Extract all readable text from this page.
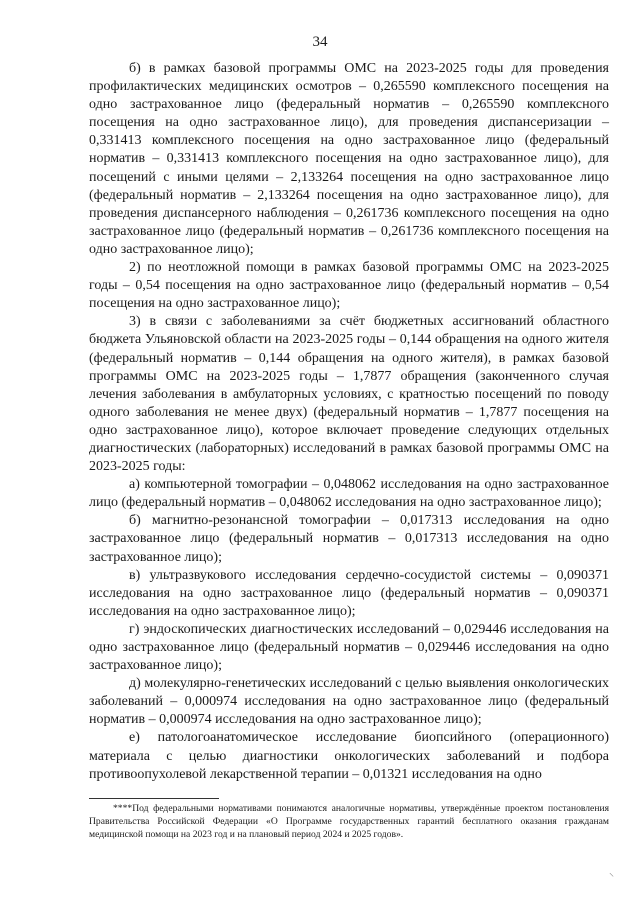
34

б) в рамках базовой программы ОМС на 2023-2025 годы для проведения профилактических медицинских осмотров – 0,265590 комплексного посещения на одно застрахованное лицо (федеральный норматив – 0,265590 комплексного посещения на одно застрахованное лицо), для проведения диспансеризации – 0,331413 комплексного посещения на одно застрахованное лицо (федеральный норматив – 0,331413 комплексного посещения на одно застрахованное лицо), для посещений с иными целями – 2,133264 посещения на одно застрахованное лицо (федеральный норматив – 2,133264 посещения на одно застрахованное лицо), для проведения диспансерного наблюдения – 0,261736 комплексного посещения на одно застрахованное лицо (федеральный норматив – 0,261736 комплексного посещения на одно застрахованное лицо);

2) по неотложной помощи в рамках базовой программы ОМС на 2023-2025 годы – 0,54 посещения на одно застрахованное лицо (федеральный норматив – 0,54 посещения на одно застрахованное лицо);

3) в связи с заболеваниями за счёт бюджетных ассигнований областного бюджета Ульяновской области на 2023-2025 годы – 0,144 обращения на одного жителя (федеральный норматив – 0,144 обращения на одного жителя), в рамках базовой программы ОМС на 2023-2025 годы – 1,7877 обращения (законченного случая лечения заболевания в амбулаторных условиях, с кратностью посещений по поводу одного заболевания не менее двух) (федеральный норматив – 1,7877 посещения на одно застрахованное лицо), которое включает проведение следующих отдельных диагностических (лабораторных) исследований в рамках базовой программы ОМС на 2023-2025 годы:

а) компьютерной томографии – 0,048062 исследования на одно застрахованное лицо (федеральный норматив – 0,048062 исследования на одно застрахованное лицо);

б) магнитно-резонансной томографии – 0,017313 исследования на одно застрахованное лицо (федеральный норматив – 0,017313 исследования на одно застрахованное лицо);

в) ультразвукового исследования сердечно-сосудистой системы – 0,090371 исследования на одно застрахованное лицо (федеральный норматив – 0,090371 исследования на одно застрахованное лицо);

г) эндоскопических диагностических исследований – 0,029446 исследования на одно застрахованное лицо (федеральный норматив – 0,029446 исследования на одно застрахованное лицо);

д) молекулярно-генетических исследований с целью выявления онкологических заболеваний – 0,000974 исследования на одно застрахованное лицо (федеральный норматив – 0,000974 исследования на одно застрахованное лицо);

е) патологоанатомическое исследование биопсийного (операционного) материала с целью диагностики онкологических заболеваний и подбора противоопухолевой лекарственной терапии – 0,01321 исследования на одно

****Под федеральными нормативами понимаются аналогичные нормативы, утверждённые проектом постановления Правительства Российской Федерации «О Программе государственных гарантий бесплатного оказания гражданам медицинской помощи на 2023 год и на плановый период 2024 и 2025 годов».
⸌
